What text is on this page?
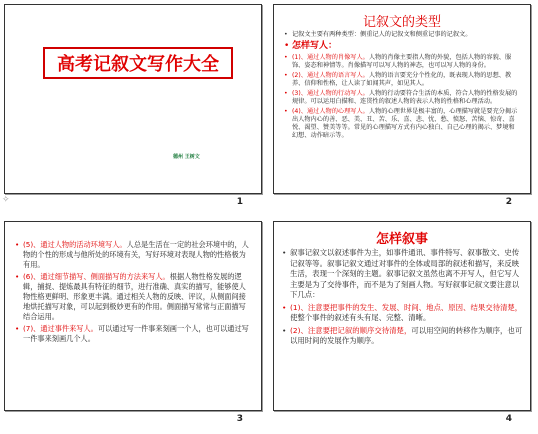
高考记叙文写作大全
德州 王树文
✧	1
记叙文的类型
• 记叙文主要有两种类型：侧重记人的记叙文和侧重记事的记叙文。
• 怎样写人：
• (1)、通过人物的肖像写人。人物的肖像主要指人物的外貌，包括人物的容貌、服饰、姿态和神情等。肖像描写可以写人物的神态，也可以写人物的身份。
• (2)、通过人物的语言写人。人物的语言要充分个性化的，既表现人物的思想、教养、信仰和性格，让人读了如闻其声，如见其人。
• (3)、通过人物的行动写人。人物的行动要符合生活的本质，符合人物的性格发展的规律。可以运用白描和、连贯性的叙述人物的表示人物的性格和心理活动。
• (4)、通过人物的心理写人。人物的心理世界是极丰富的，心理描写就是要充分揭示出人物内心的善、恶、美、丑、苦、乐、喜、悲、忧、愁、愤怒、苦恼、惊奇、喜悦、渴望、赞美等等。常见的心理描写方式有内心独白、自己心理的揭示、梦境和幻想、动作暗示等。
2
• (5)、通过人物的活动环境写人。人总是生活在一定的社会环境中的，人物的个性的形成与他所处的环境有关，写好环境对表现人物的性格极为有用。
• (6)、通过细节描写、侧面描写的方法来写人。根据人物性格发展的逻辑，捕捉、提炼最具有特征的细节，进行准确、真实的描写，能够使人物性格更鲜明、形象更丰满。通过相关人物的反映、评议，从侧面间接地烘托描写对象，可以起到极妙更有的作用。侧面描写常常与正面描写结合运用。
• (7)、通过事件来写人。可以通过写一件事来刻画一个人，也可以通过写一件事来刻画几个人。
3
怎样叙事
• 叙事记叙文以叙述事件为主，如事件通讯、事件特写、叙事散文、史传记叙等等。叙事记叙文通过对事件的全体或局部的叙述和描写，来反映生活，表现一个深刻的主题。叙事记叙文虽然也离不开写人，但它写人主要是为了交待事件，而不是为了刻画人物。写好叙事记叙文要注意以下几点：
• (1)、注意要把事件的发生、发展、时间、地点、原因、结果交待清楚，使整个事件的叙述有头有尾、完整、清晰。
• (2)、注意要把记叙的顺序交待清楚，可以用空间的转移作为顺序，也可以用时间的发展作为顺序。
4
